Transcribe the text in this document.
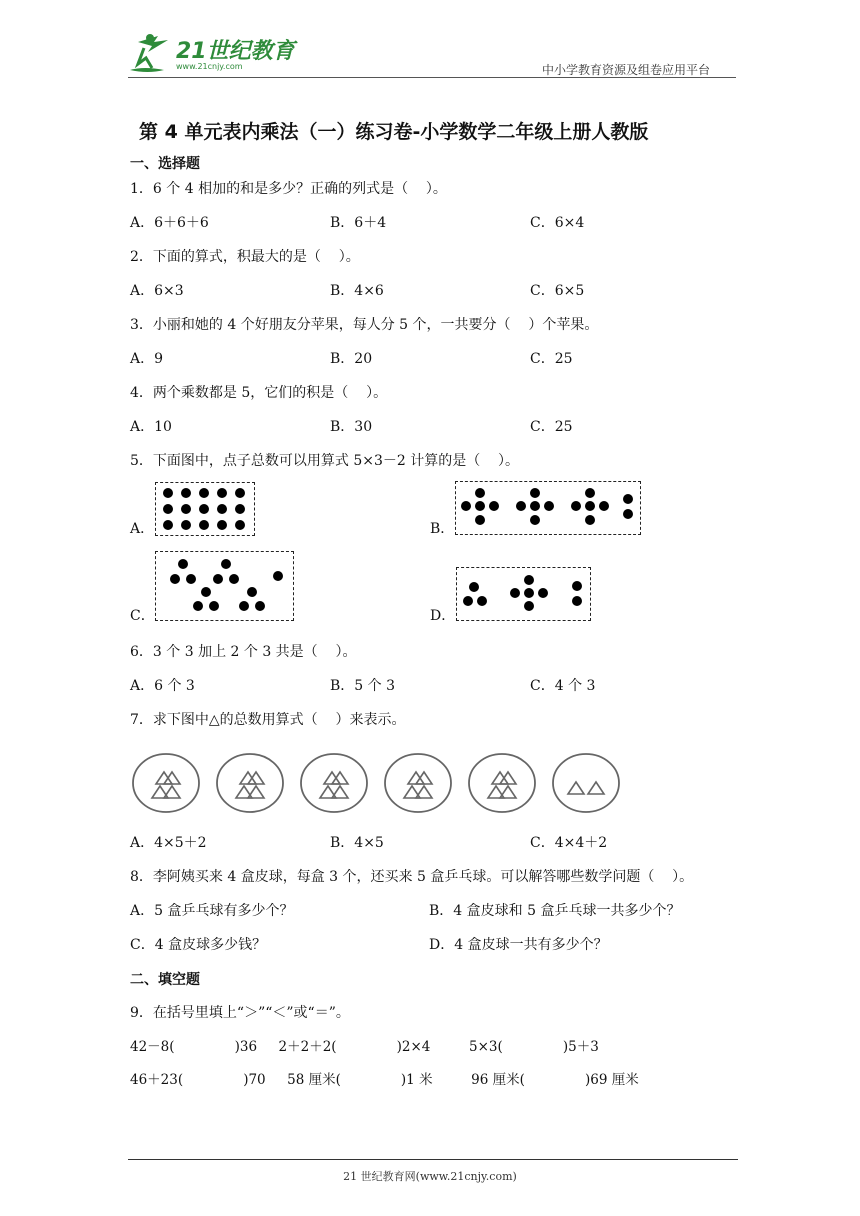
21世纪教育
www.21cnjy.com	中小学教育资源及组卷应用平台
第 4 单元表内乘法（一）练习卷-小学数学二年级上册人教版
一、选择题
1．6 个 4 相加的和是多少？正确的列式是（    ）。
A．6＋6＋6	B．6＋4	C．6×4
2．下面的算式，积最大的是（    ）。
A．6×3	B．4×6	C．6×5
3．小丽和她的 4 个好朋友分苹果，每人分 5 个，一共要分（    ）个苹果。
A．9	B．20	C．25
4．两个乘数都是 5，它们的积是（    ）。
A．10	B．30	C．25
5．下面图中，点子总数可以用算式 5×3－2 计算的是（    ）。
A．	B．
C．	D．
6．3 个 3 加上 2 个 3 共是（    ）。
A．6 个 3	B．5 个 3	C．4 个 3
7．求下图中△的总数用算式（    ）来表示。
A．4×5＋2	B．4×5	C．4×4＋2
8．李阿姨买来 4 盒皮球，每盒 3 个，还买来 5 盒乒乓球。可以解答哪些数学问题（    ）。
A．5 盒乒乓球有多少个？	B．4 盒皮球和 5 盒乒乓球一共多少个？
C．4 盒皮球多少钱？	D．4 盒皮球一共有多少个？
二、填空题
9．在括号里填上“＞”“＜”或“＝”。
42－8(              )36     2＋2＋2(              )2×4         5×3(              )5＋3
46＋23(              )70     58 厘米(              )1 米         96 厘米(              )69 厘米
21 世纪教育网(www.21cnjy.com)
